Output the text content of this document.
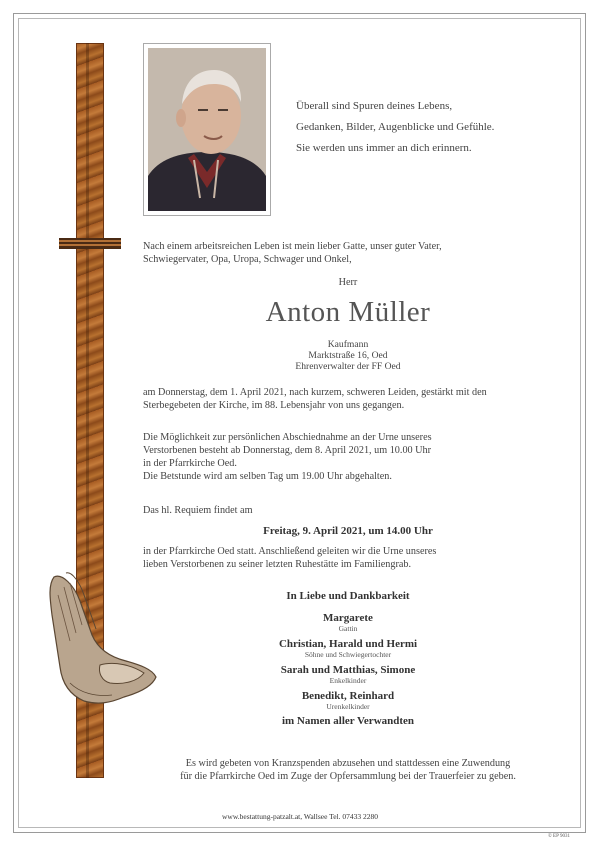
Überall sind Spuren deines Lebens,
Gedanken, Bilder, Augenblicke und Gefühle.
Sie werden uns immer an dich erinnern.
Nach einem arbeitsreichen Leben ist mein lieber Gatte, unser guter Vater,
Schwiegervater, Opa, Uropa, Schwager und Onkel,
Herr
Anton Müller
Kaufmann
Marktstraße 16, Oed
Ehrenverwalter der FF Oed
am Donnerstag, dem 1. April 2021, nach kurzem, schweren Leiden, gestärkt mit den
Sterbegebeten der Kirche, im 88. Lebensjahr von uns gegangen.
Die Möglichkeit zur persönlichen Abschiednahme an der Urne unseres
Verstorbenen besteht ab Donnerstag, dem 8. April 2021, um 10.00 Uhr
in der Pfarrkirche Oed.
Die Betstunde wird am selben Tag um 19.00 Uhr abgehalten.
Das hl. Requiem findet am
Freitag, 9. April 2021, um 14.00 Uhr
in der Pfarrkirche Oed statt. Anschließend geleiten wir die Urne unseres
lieben Verstorbenen zu seiner letzten Ruhestätte im Familiengrab.
In Liebe und Dankbarkeit
Margarete
Gattin
Christian, Harald und Hermi
Söhne und Schwiegertochter
Sarah und Matthias, Simone
Enkelkinder
Benedikt, Reinhard
Urenkelkinder
im Namen aller Verwandten
Es wird gebeten von Kranzspenden abzusehen und stattdessen eine Zuwendung
für die Pfarrkirche Oed im Zuge der Opfersammlung bei der Trauerfeier zu geben.
www.bestattung-patzalt.at, Wallsee Tel. 07433 2280
© EP 9031
